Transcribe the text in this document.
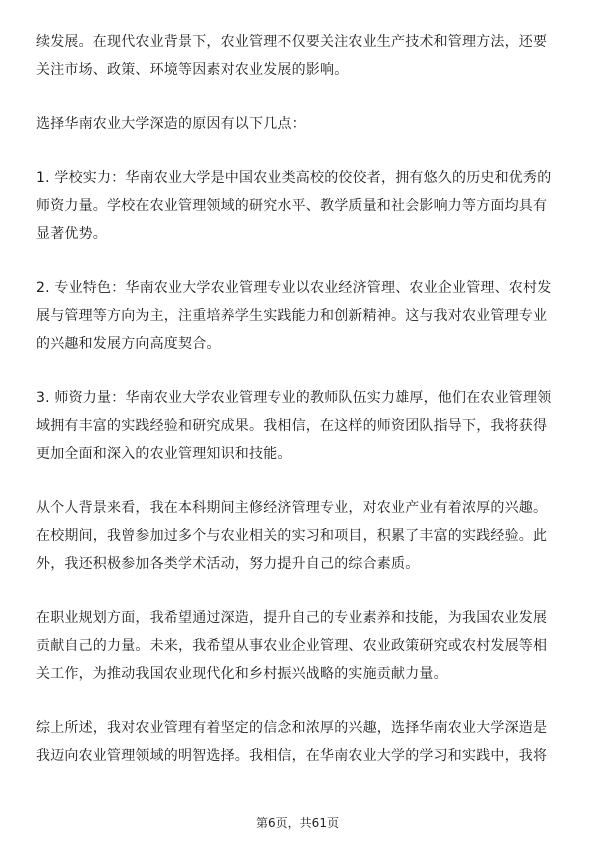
续发展。在现代农业背景下，农业管理不仅要关注农业生产技术和管理方法，还要关注市场、政策、环境等因素对农业发展的影响。

选择华南农业大学深造的原因有以下几点：

1. 学校实力：华南农业大学是中国农业类高校的佼佼者，拥有悠久的历史和优秀的师资力量。学校在农业管理领域的研究水平、教学质量和社会影响力等方面均具有显著优势。

2. 专业特色：华南农业大学农业管理专业以农业经济管理、农业企业管理、农村发展与管理等方向为主，注重培养学生实践能力和创新精神。这与我对农业管理专业的兴趣和发展方向高度契合。

3. 师资力量：华南农业大学农业管理专业的教师队伍实力雄厚，他们在农业管理领域拥有丰富的实践经验和研究成果。我相信，在这样的师资团队指导下，我将获得更加全面和深入的农业管理知识和技能。

从个人背景来看，我在本科期间主修经济管理专业，对农业产业有着浓厚的兴趣。在校期间，我曾参加过多个与农业相关的实习和项目，积累了丰富的实践经验。此外，我还积极参加各类学术活动，努力提升自己的综合素质。

在职业规划方面，我希望通过深造，提升自己的专业素养和技能，为我国农业发展贡献自己的力量。未来，我希望从事农业企业管理、农业政策研究或农村发展等相关工作，为推动我国农业现代化和乡村振兴战略的实施贡献力量。

综上所述，我对农业管理有着坚定的信念和浓厚的兴趣，选择华南农业大学深造是我迈向农业管理领域的明智选择。我相信，在华南农业大学的学习和实践中，我将

第6页，共61页
